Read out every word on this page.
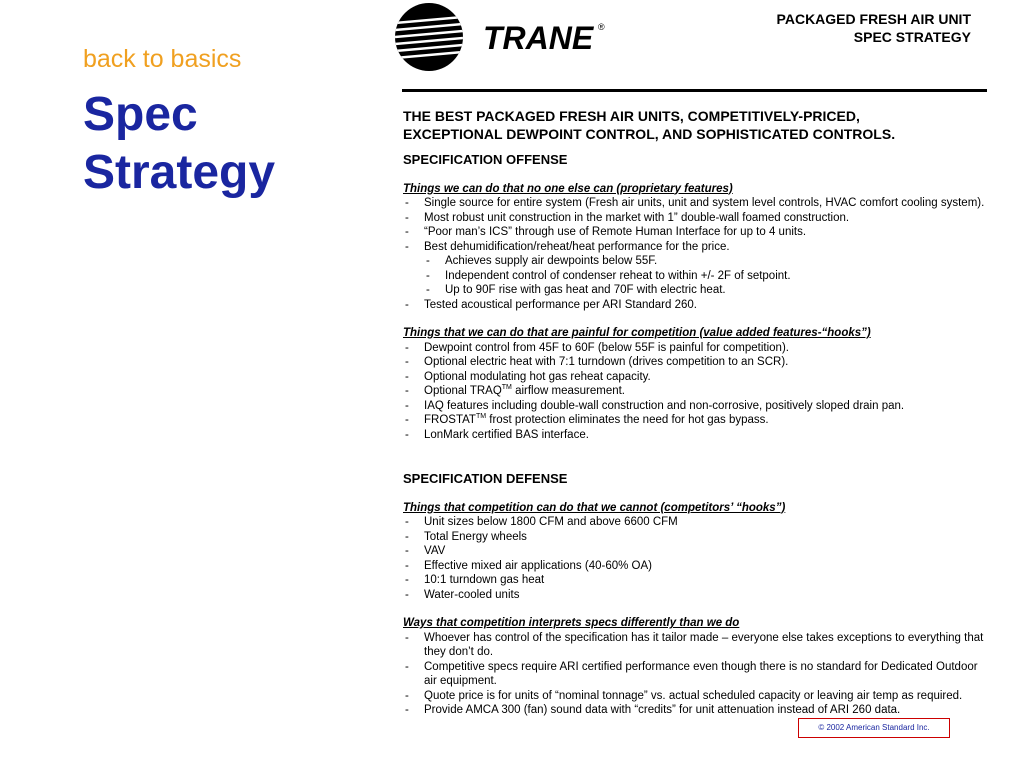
back to basics

Spec
Strategy

TRANE ®	PACKAGED FRESH AIR UNIT
SPEC STRATEGY

THE BEST PACKAGED FRESH AIR UNITS, COMPETITIVELY-PRICED,
EXCEPTIONAL DEWPOINT CONTROL, AND SOPHISTICATED CONTROLS.

SPECIFICATION OFFENSE

Things we can do that no one else can (proprietary features)

- Single source for entire system (Fresh air units, unit and system level controls, HVAC comfort cooling system).
- Most robust unit construction in the market with 1” double-wall foamed construction.
- “Poor man’s ICS” through use of Remote Human Interface for up to 4 units.
- Best dehumidification/reheat/heat performance for the price.
- Achieves supply air dewpoints below 55F.
- Independent control of condenser reheat to within +/- 2F of setpoint.
- Up to 90F rise with gas heat and 70F with electric heat.
- Tested acoustical performance per ARI Standard 260.

Things that we can do that are painful for competition (value added features-“hooks”)

- Dewpoint control from 45F to 60F (below 55F is painful for competition).
- Optional electric heat with 7:1 turndown (drives competition to an SCR).
- Optional modulating hot gas reheat capacity.
- Optional TRAQ™ airflow measurement.
- IAQ features including double-wall construction and non-corrosive, positively sloped drain pan.
- FROSTAT™ frost protection eliminates the need for hot gas bypass.
- LonMark certified BAS interface.

SPECIFICATION DEFENSE

Things that competition can do that we cannot (competitors’ “hooks”)

- Unit sizes below 1800 CFM and above 6600 CFM
- Total Energy wheels
- VAV
- Effective mixed air applications (40-60% OA)
- 10:1 turndown gas heat
- Water-cooled units

Ways that competition interprets specs differently than we do

- Whoever has control of the specification has it tailor made – everyone else takes exceptions to everything that they don’t do.
- Competitive specs require ARI certified performance even though there is no standard for Dedicated Outdoor air equipment.
- Quote price is for units of “nominal tonnage” vs. actual scheduled capacity or leaving air temp as required.
- Provide AMCA 300 (fan) sound data with “credits” for unit attenuation instead of ARI 260 data.
© 2002 American Standard Inc.
